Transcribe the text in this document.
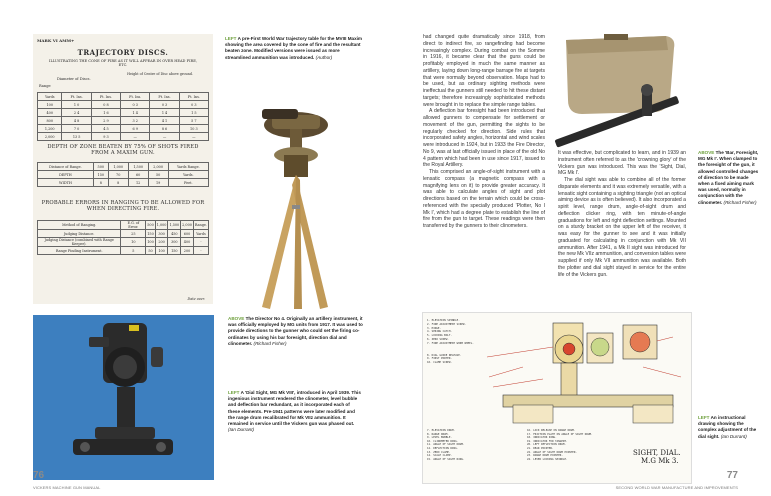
MARK VI AMM+
TRAJECTORY DISCS.
ILLUSTRATING THE CONE OF FIRE AS IT WILL APPEAR IN OVER HEAD FIRE, ETC.
Range
Diameter of Discs.
Height of Centre of Disc above ground.
Yards	Ft. Ins.	Ft. Ins.	Ft. Ins.	Ft. Ins.	Ft. Ins.
100	1 0	0 8	0 3	0 3	0 3
400	2 4	1 6	1 4	1 4	1 5
800	4 8	2 9	3 2	4 1	5 7
1,200	7 0	4 5	6 9	8 6	10 3
2,000	13 5	9 3	—	—	—
DEPTH OF ZONE BEATEN BY 75% OF SHOTS FIRED FROM A MAXIM GUN.
Distance of Range.	500	1,000	1,500	2,000	Yards Range.
DEPTH	150	70	60	50	Yards.
WIDTH	8	8	12	19	Feet.
PROBABLE ERRORS IN RANGING TO BE ALLOWED FOR WHEN DIRECTING FIRE.
Method of Ranging.	E.G. of Error.	500	1,000	1,500	2,000	Range.
Judging Distance.	25	150	300	450	600	Yards
Judging Distance (combined with Range Keeper).	10	100	200	300	400	-
Range Finding Instrument.	5	50	100	150	200	-
Date over.
LEFT A pre-First World War trajectory table for the MVIII Maxim showing the area covered by the cone of fire and the resultant beaten zone. Modified versions were issued as more streamlined ammunition was introduced. (Author)
ABOVE The Director No 4. Originally an artillery instrument, it was officially employed by MG units from 1917. It was used to provide directions to the gunner who could set the firing co-ordinates by using his bar foresight, direction dial and clinometer. (Richard Fisher)
LEFT A 'Dial Sight, MG Mk VIII', introduced in April 1939. This ingenious instrument rendered the clinometer, level bubble and deflection bar redundant, as it incorporated each of these elements. Pre-1941 patterns were later modified and the range drum recalibrated for Mk VIIz ammunition. It remained in service until the Vickers gun was phased out. (Ian Durrant)
76
VICKERS MACHINE GUN MANUAL

had changed quite dramatically since 1918, from direct to indirect fire, so rangefinding had become increasingly complex. During combat on the Somme in 1916, it became clear that the guns could be profitably employed in much the same manner as artillery, laying down long-range barrage fire at targets that were normally beyond observation. Maps had to be used, but as ordinary sighting methods were ineffectual the gunners still needed to hit these distant targets; therefore increasingly sophisticated methods were brought in to replace the simple range tables.

A deflection bar foresight had been introduced that allowed gunners to compensate for settlement or movement of the gun, permitting the sights to be regularly checked for direction. Side rules that incorporated safety angles, horizontal and wind scales were introduced in 1924, but in 1933 the Fire Director, No 9, was at last officially issued in place of the old No 4 pattern which had been in use since 1917, issued to the Royal Artillery.

This comprised an angle-of-sight instrument with a lensatic compass (a magnetic compass with a magnifying lens on it) to provide greater accuracy. It was able to calculate angles of sight and plot directions based on the terrain which could be cross-referenced with the specially produced 'Plotter, No I Mk I', which had a degree plate to establish the line of fire from the gun to target. These readings were then transferred by the gunners to their clinometers.

ABOVE The 'Bar, Foresight, MG Mk I'. When clamped to the foresight of the gun, it allowed controlled changes of direction to be made when a fixed aiming mark was used, normally in conjunction with the clinometer. (Richard Fisher)

It was effective, but complicated to learn, and in 1939 an instrument often referred to as the 'crowning glory' of the Vickers gun was introduced. This was the 'Sight, Dial, MG Mk I'.

The dial sight was able to combine all of the former disparate elements and it was extremely versatile, with a lensatic sight containing a sighting triangle (not an optical aiming device as is often believed). It also incorporated a spirit level, range drum, angle-of-sight drum and deflection clicker ring, with ten minute-of-angle graduations for left and right deflection settings. Mounted on a sturdy bracket on the upper left of the receiver, it was easy for the gunner to see and it was initially graduated for calculating in conjunction with Mk VII ammunition. After 1941, a Mk II sight was introduced for the new Mk VIIz ammunition, and conversion tables were supplied if only Mk VII ammunition was available. Both the plotter and dial sight stayed in service for the entire life of the Vickers gun.

1. ELEVATION SPINDLE.
2. FINE ADJUSTMENT SCREW.
3. HINGE.
4. SPRING CATCH.
5. LOCKING BOLT.
6. ZERO SCREW.
7. FINE ADJUSTMENT WORM WHEEL.
8. DIAL GUIDE RELEASE.
9. FIRST PORTER.
10. CLAMP SCREW.
7. ELEVATION DRUM.
8. RANGE DRUM.
9. LEVEL BUBBLE.
10. CLINOMETER RING.
11. ANGLE OF SIGHT DRUM.
12. DEFLECTION RING.
13. ZERO CLAMP.
14. SCALE CLAMP.
15. ANGLE OF SIGHT RING.
16. LOCK RELEASE ON RANGE DRUM.
17. FRICTION PLATE ON ANGLE OF SIGHT DRUM.
18. INDICATOR RING.
19. INDICATOR FOR TANGENT.
20. LEFT DEFLECTION DRUM.
21. REAR POINTER.
22. ANGLE OF SIGHT DRUM POINTER.
23. RANGE DRUM POINTER.
24. LEVER LOCKING SPINDLE.
SIGHT, DIAL.
M.G Mk 3.
LEFT An instructional drawing showing the complex adjustment of the dial sight. (Ian Durrant)
77
SECOND WORLD WAR MANUFACTURE AND IMPROVEMENTS
